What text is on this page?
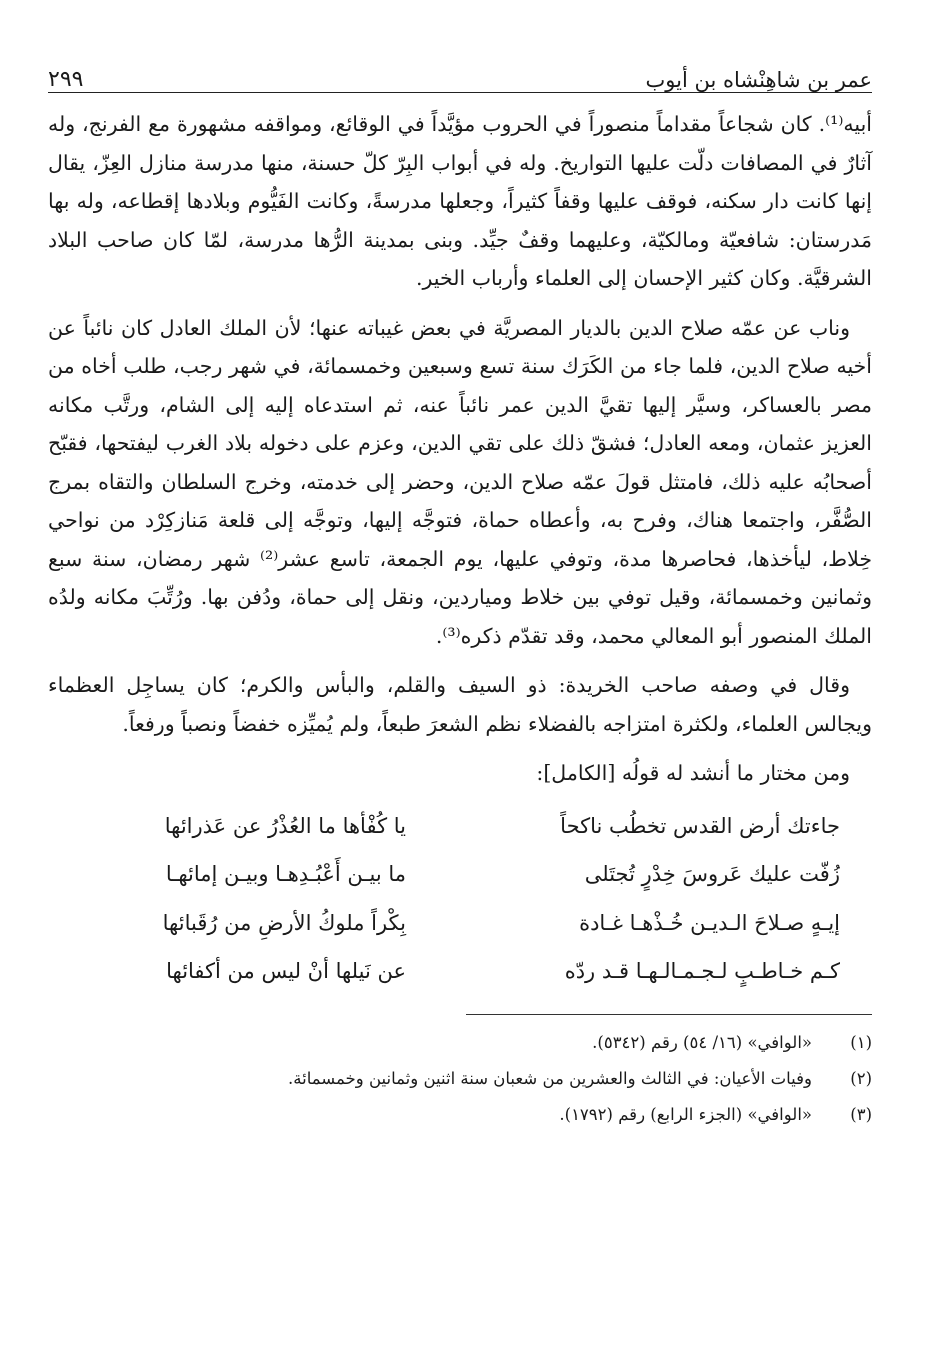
عمر بن شاهِنْشاه بن أيوب
٢٩٩

أبيه⁽¹⁾. كان شجاعاً مقداماً منصوراً في الحروب مؤيَّداً في الوقائع، ومواقفه مشهورة مع الفرنج، وله آثارٌ في المصافات دلّت عليها التواريخ. وله في أبواب البِرّ كلّ حسنة، منها مدرسة منازل العِزّ، يقال إنها كانت دار سكنه، فوقف عليها وقفاً كثيراً، وجعلها مدرسةً، وكانت الفَيُّوم وبلادها إقطاعه، وله بها مَدرستان: شافعيّة ومالكيّة، وعليهما وقفٌ جيِّد. وبنى بمدينة الرُّها مدرسة، لمّا كان صاحب البلاد الشرقيَّة. وكان كثير الإحسان إلى العلماء وأرباب الخير.

وناب عن عمّه صلاح الدين بالديار المصريَّة في بعض غيباته عنها؛ لأن الملك العادل كان نائباً عن أخيه صلاح الدين، فلما جاء من الكَرَك سنة تسع وسبعين وخمسمائة، في شهر رجب، طلب أخاه من مصر بالعساكر، وسيَّر إليها تقيَّ الدين عمر نائباً عنه، ثم استدعاه إليه إلى الشام، ورتَّب مكانه العزيز عثمان، ومعه العادل؛ فشقّ ذلك على تقي الدين، وعزم على دخوله بلاد الغرب ليفتحها، فقبّح أصحابُه عليه ذلك، فامتثل قولَ عمّه صلاح الدين، وحضر إلى خدمته، وخرج السلطان والتقاه بمرج الصُّفَّر، واجتمعا هناك، وفرح به، وأعطاه حماة، فتوجَّه إليها، وتوجَّه إلى قلعة مَنازكِرْد من نواحي خِلاط، ليأخذها، فحاصرها مدة، وتوفي عليها، يوم الجمعة، تاسع عشر⁽²⁾ شهر رمضان، سنة سبع وثمانين وخمسمائة، وقيل توفي بين خلاط ومياردين، ونقل إلى حماة، ودُفن بها. ورُتِّبَ مكانه ولدُه الملك المنصور أبو المعالي محمد، وقد تقدّم ذكره⁽³⁾.

وقال في وصفه صاحب الخريدة: ذو السيف والقلم، والبأس والكرم؛ كان يساجِل العظماء ويجالس العلماء، ولكثرة امتزاجه بالفضلاء نظم الشعرَ طبعاً، ولم يُميِّزه خفضاً ونصباً ورفعاً.

ومن مختار ما أنشد له قولُه [الكامل]:

جاءتك أرض القدس تخطُب ناكحاً
يا كُفْأها ما العُذْرُ عن عَذرائها
زُفّت عليك عَروسَ خِدْرٍ تُجتَلى
ما بيـن أَعْبُـدِهـا وبيـن إمائهـا
إيـهٍ صـلاحَ الـديـن خُـذْهـا غـادة
بِكْراً ملوكُ الأرضِ من رُقَبائها
كـم خـاطـبٍ لـجـمـالـهـا قـد ردّه
عن نَيلها أنْ ليس من أكفائها
(١)
«الوافي» (١٦/ ٥٤) رقم (٥٣٤٢).
(٢)
وفيات الأعيان: في الثالث والعشرين من شعبان سنة اثنين وثمانين وخمسمائة.
(٣)
«الوافي» (الجزء الرابع) رقم (١٧٩٢).
